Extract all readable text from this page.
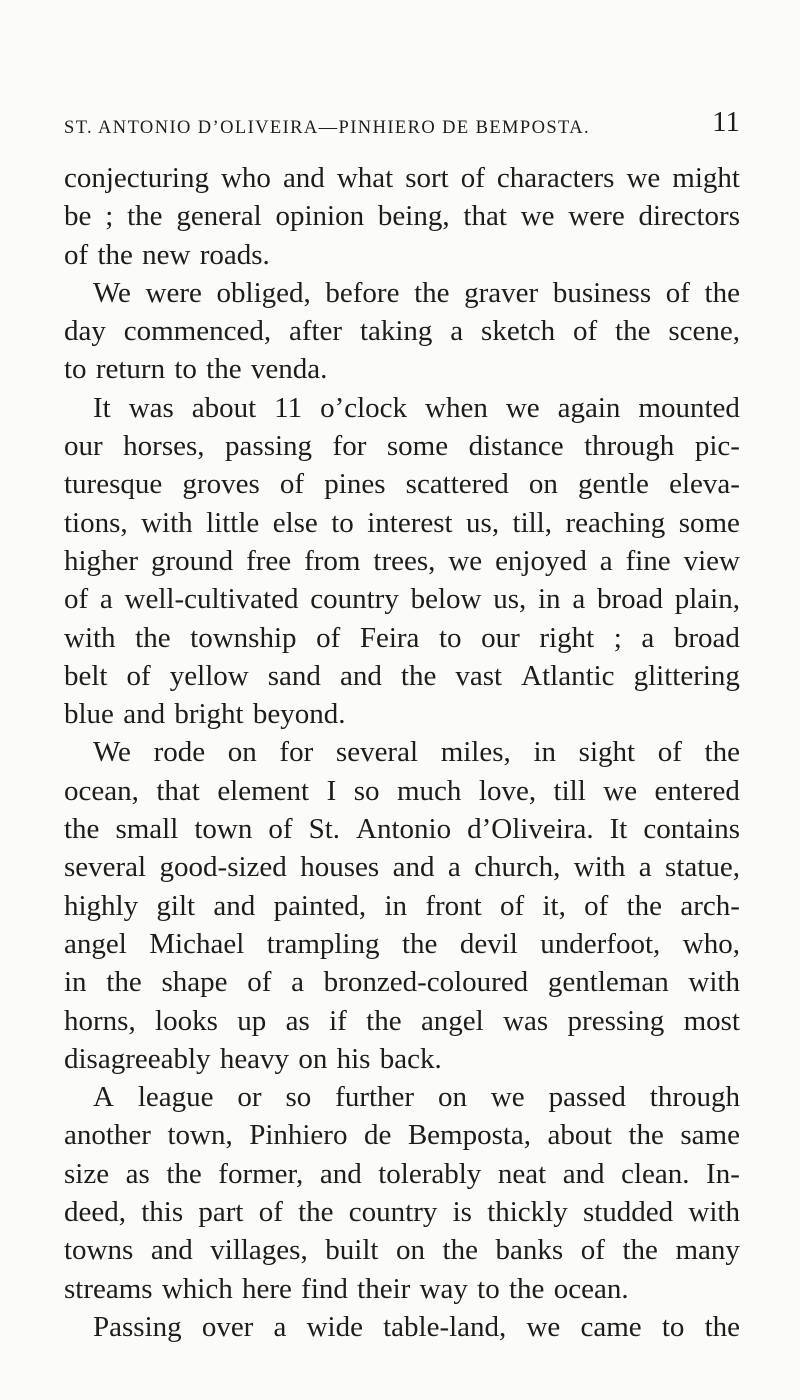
ST. ANTONIO D’OLIVEIRA—PINHIERO DE BEMPOSTA.	11
conjecturing who and what sort of characters we might
be ; the general opinion being, that we were directors
of the new roads.
We were obliged, before the graver business of the
day commenced, after taking a sketch of the scene,
to return to the venda.
It was about 11 o’clock when we again mounted
our horses, passing for some distance through pic-
turesque groves of pines scattered on gentle eleva-
tions, with little else to interest us, till, reaching some
higher ground free from trees, we enjoyed a fine view
of a well-cultivated country below us, in a broad plain,
with the township of Feira to our right ; a broad
belt of yellow sand and the vast Atlantic glittering
blue and bright beyond.
We rode on for several miles, in sight of the
ocean, that element I so much love, till we entered
the small town of St. Antonio d’Oliveira. It contains
several good-sized houses and a church, with a statue,
highly gilt and painted, in front of it, of the arch-
angel Michael trampling the devil underfoot, who,
in the shape of a bronzed-coloured gentleman with
horns, looks up as if the angel was pressing most
disagreeably heavy on his back.
A league or so further on we passed through
another town, Pinhiero de Bemposta, about the same
size as the former, and tolerably neat and clean. In-
deed, this part of the country is thickly studded with
towns and villages, built on the banks of the many
streams which here find their way to the ocean.
Passing over a wide table-land, we came to the
